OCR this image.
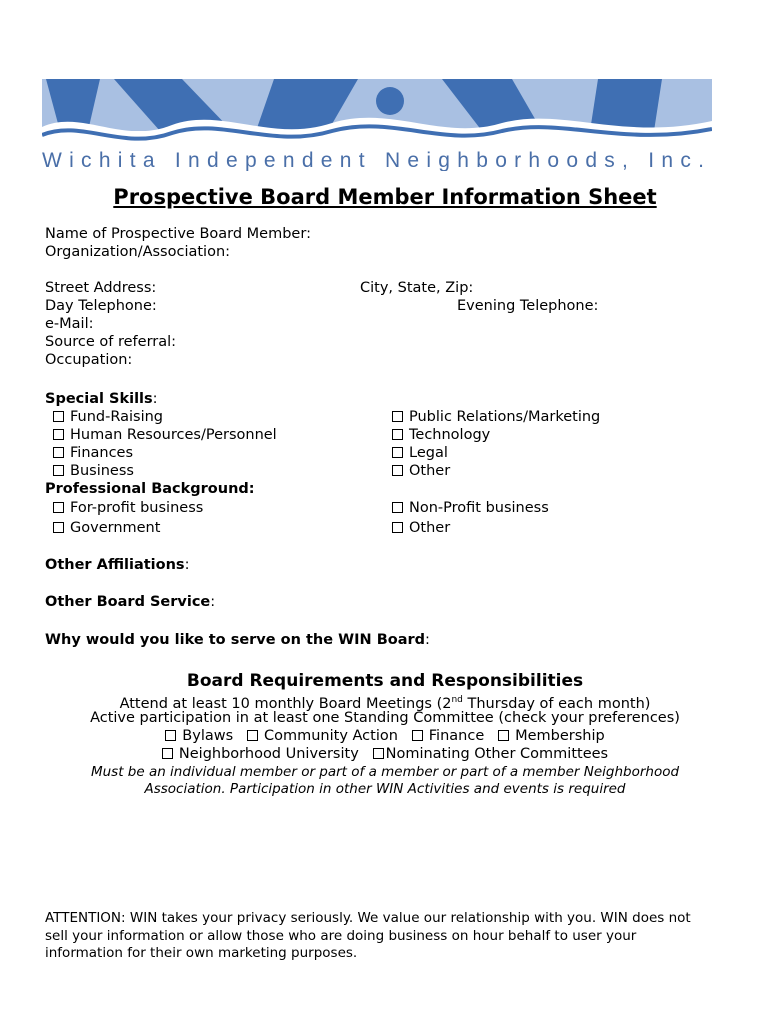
Wichita Independent Neighborhoods, Inc.
Prospective Board Member Information Sheet
Name of Prospective Board Member:
Organization/Association:
Street Address:	City, State, Zip:
Day Telephone:	Evening Telephone:
e-Mail:
Source of referral:
Occupation:
Special Skills:
Fund-Raising
Human Resources/Personnel
Finances
Business
Public Relations/Marketing
Technology
Legal
Other
Professional Background:
For-profit business
Government
Non-Profit business
Other
Other Affiliations:
Other Board Service:
Why would you like to serve on the WIN Board:
Board Requirements and Responsibilities
Attend at least 10 monthly Board Meetings (2nd Thursday of each month)
Active participation in at least one Standing Committee (check your preferences)
Bylaws Community Action Finance Membership
Neighborhood University Nominating Other Committees
Must be an individual member or part of a member or part of a member Neighborhood
Association. Participation in other WIN Activities and events is required
ATTENTION: WIN takes your privacy seriously. We value our relationship with you. WIN does not
sell your information or allow those who are doing business on hour behalf to user your
information for their own marketing purposes.
